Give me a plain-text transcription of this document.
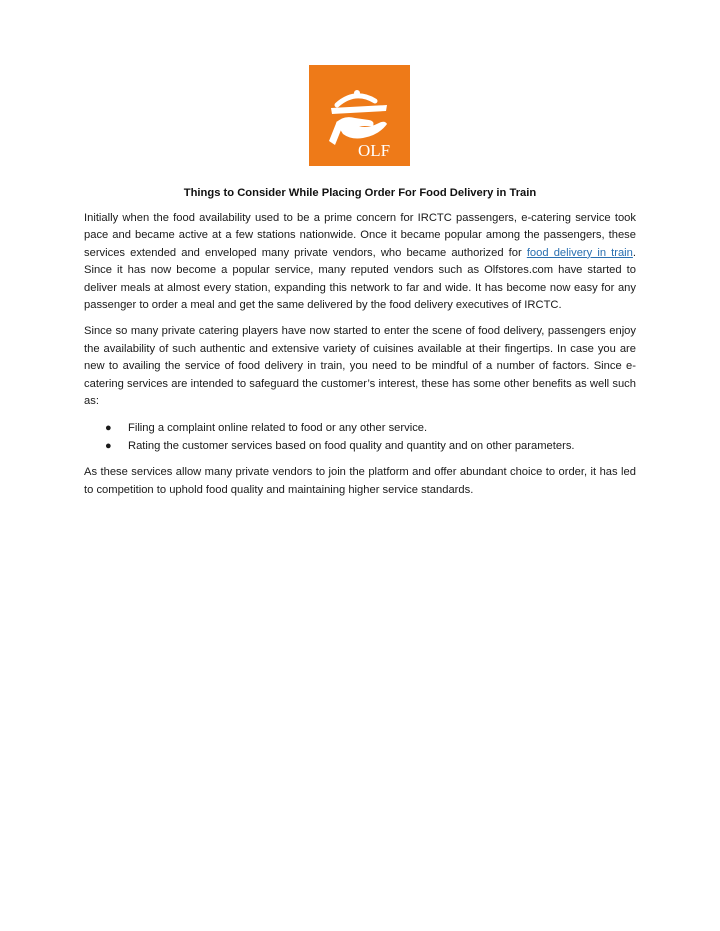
OLF
Things to Consider While Placing Order For Food Delivery in Train

Initially when the food availability used to be a prime concern for IRCTC passengers, e-catering service took pace and became active at a few stations nationwide. Once it became popular among the passengers, these services extended and enveloped many private vendors, who became authorized for food delivery in train. Since it has now become a popular service, many reputed vendors such as Olfstores.com have started to deliver meals at almost every station, expanding this network to far and wide. It has become now easy for any passenger to order a meal and get the same delivered by the food delivery executives of IRCTC.

Since so many private catering players have now started to enter the scene of food delivery, passengers enjoy the availability of such authentic and extensive variety of cuisines available at their fingertips. In case you are new to availing the service of food delivery in train, you need to be mindful of a number of factors. Since e-catering services are intended to safeguard the customer’s interest, these has some other benefits as well such as:

● Filing a complaint online related to food or any other service.
● Rating the customer services based on food quality and quantity and on other parameters.

As these services allow many private vendors to join the platform and offer abundant choice to order, it has led to competition to uphold food quality and maintaining higher service standards.
